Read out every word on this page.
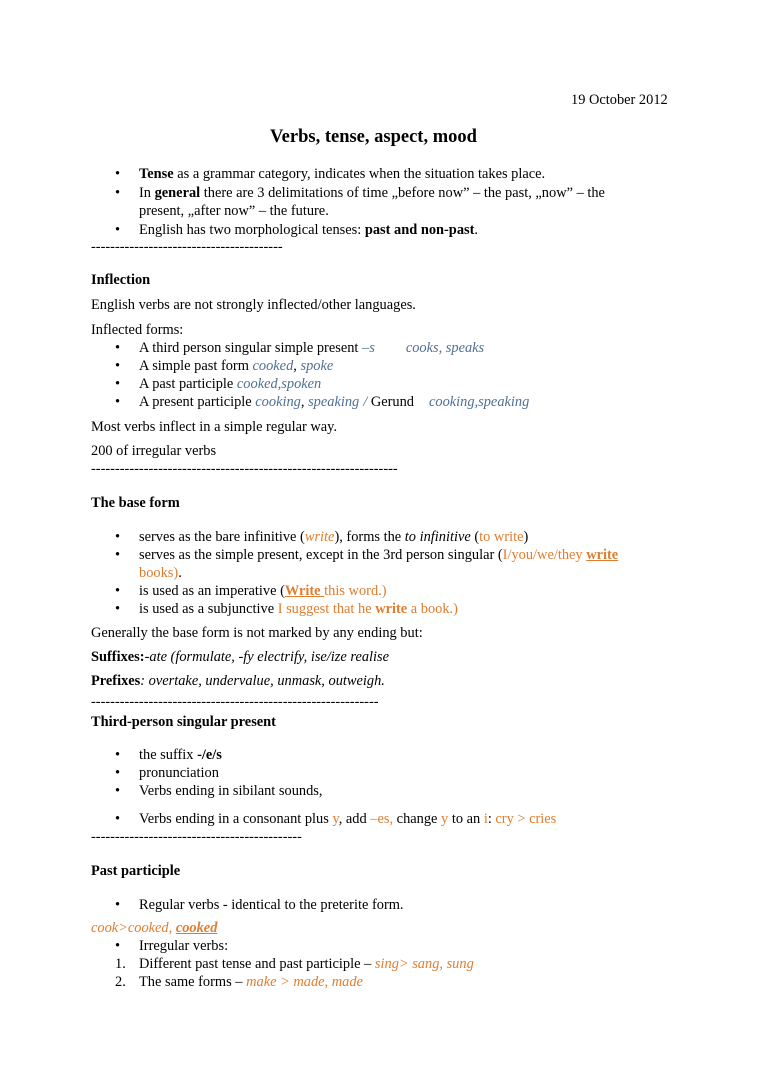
19 October 2012
Verbs, tense, aspect, mood
• Tense as a grammar category, indicates when the situation takes place.
• In general there are 3 delimitations of time „before now” – the past, „now” – the
present, „after now” – the future.
• English has two morphological tenses: past and non-past.
----------------------------------------
Inflection
English verbs are not strongly inflected/other languages.
Inflected forms:
• A third person singular simple present –s cooks, speaks
• A simple past form cooked, spoke
• A past participle cooked,spoken
• A present participle cooking, speaking / Gerund cooking,speaking
Most verbs inflect in a simple regular way.
200 of irregular verbs
----------------------------------------------------------------
The base form
• serves as the bare infinitive (write), forms the to infinitive (to write)
• serves as the simple present, except in the 3rd person singular (I/you/we/they write
books).
• is used as an imperative (Write this word.)
• is used as a subjunctive I suggest that he write a book.)
Generally the base form is not marked by any ending but:
Suffixes:-ate (formulate, -fy electrify, ise/ize realise
Prefixes: overtake, undervalue, unmask, outweigh.
------------------------------------------------------------
Third-person singular present
• the suffix -/e/s
• pronunciation
• Verbs ending in sibilant sounds,
• Verbs ending in a consonant plus y, add –es, change y to an i: cry > cries
--------------------------------------------
Past participle
• Regular verbs - identical to the preterite form.
cook>cooked, cooked
• Irregular verbs:
1. Different past tense and past participle – sing> sang, sung
2. The same forms – make > made, made
